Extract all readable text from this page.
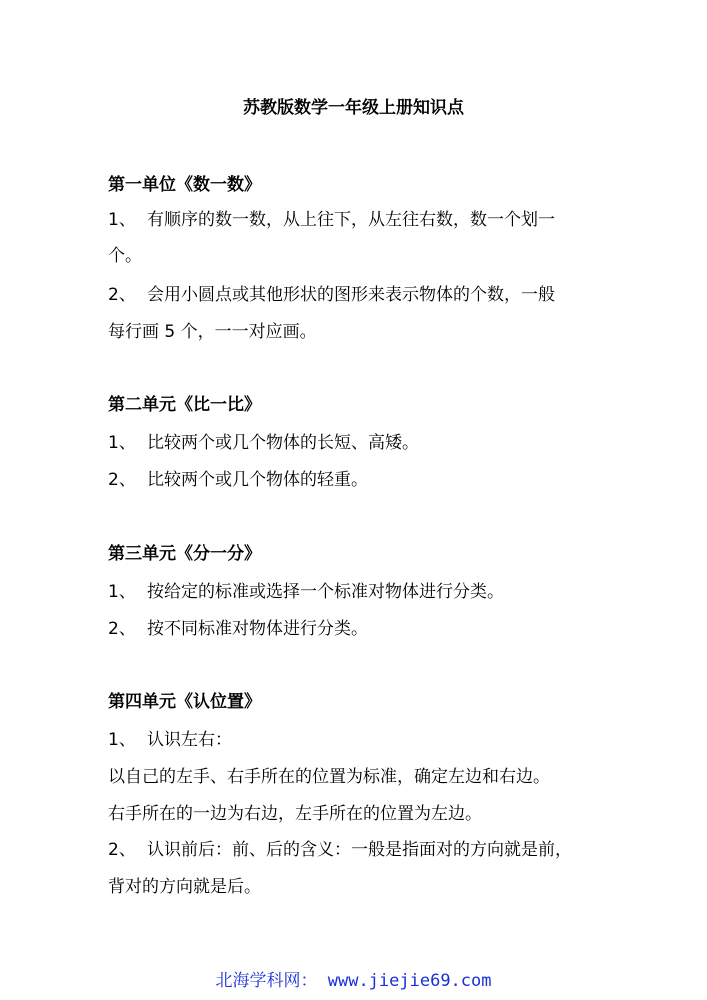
苏教版数学一年级上册知识点
第一单位《数一数》
1、 有顺序的数一数，从上往下，从左往右数，数一个划一
个。
2、 会用小圆点或其他形状的图形来表示物体的个数，一般
每行画 5 个，一一对应画。
第二单元《比一比》
1、 比较两个或几个物体的长短、高矮。
2、 比较两个或几个物体的轻重。
第三单元《分一分》
1、 按给定的标准或选择一个标准对物体进行分类。
2、 按不同标准对物体进行分类。
第四单元《认位置》
1、 认识左右：
以自己的左手、右手所在的位置为标准，确定左边和右边。
右手所在的一边为右边，左手所在的位置为左边。
2、 认识前后：前、后的含义：一般是指面对的方向就是前，
背对的方向就是后。
北海学科网： www.jiejie69.com
